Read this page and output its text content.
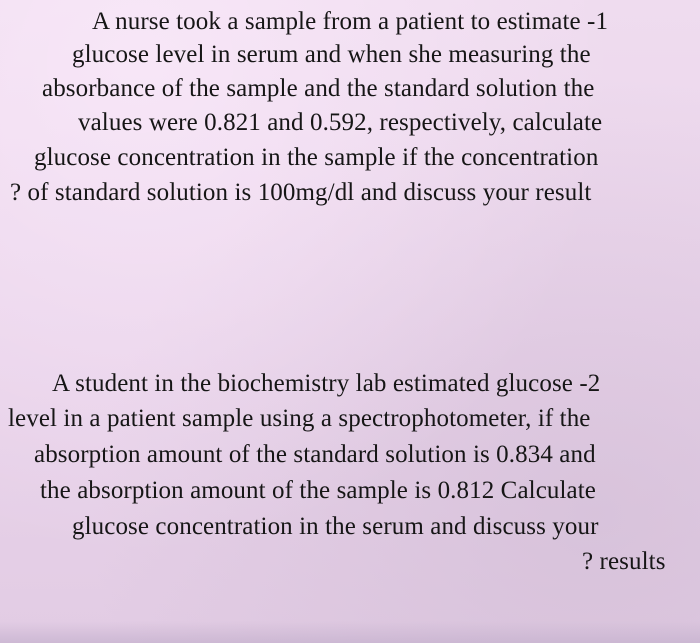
A nurse took a sample from a patient to estimate -1
glucose level in serum and when she measuring the
absorbance of the sample and the standard solution the
values were 0.821 and 0.592, respectively, calculate
glucose concentration in the sample if the concentration
? of standard solution is 100mg/dl and discuss your result
A student in the biochemistry lab estimated glucose -2
level in a patient sample using a spectrophotometer, if the
absorption amount of the standard solution is 0.834 and
the absorption amount of the sample is 0.812 Calculate
glucose concentration in the serum and discuss your
? results
